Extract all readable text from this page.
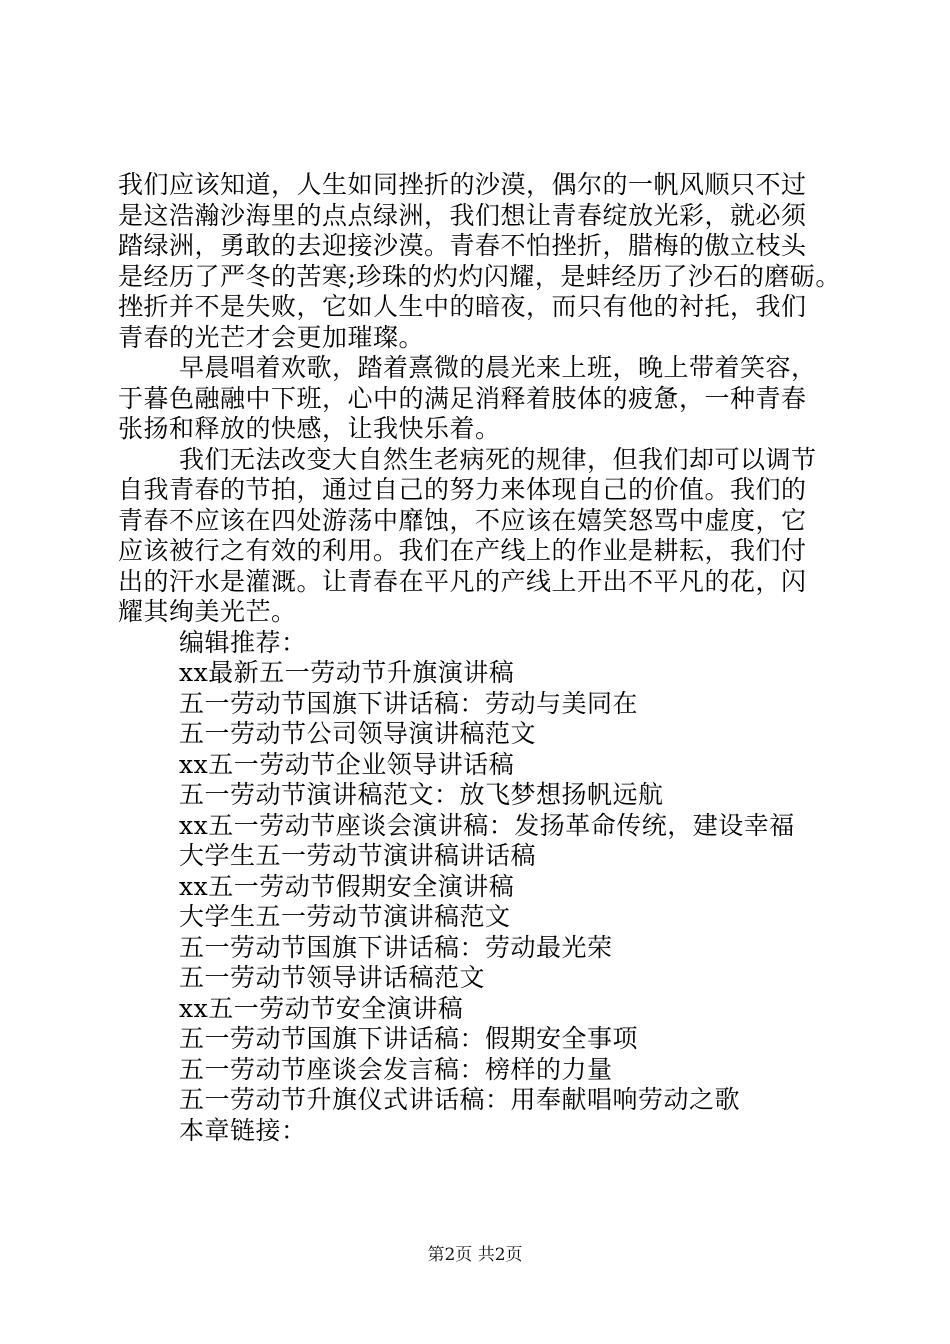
我们应该知道，人生如同挫折的沙漠，偶尔的一帆风顺只不过
是这浩瀚沙海里的点点绿洲，我们想让青春绽放光彩，就必须
踏绿洲，勇敢的去迎接沙漠。青春不怕挫折，腊梅的傲立枝头
是经历了严冬的苦寒;珍珠的灼灼闪耀，是蚌经历了沙石的磨砺。
挫折并不是失败，它如人生中的暗夜，而只有他的衬托，我们
青春的光芒才会更加璀璨。
早晨唱着欢歌，踏着熹微的晨光来上班，晚上带着笑容，
于暮色融融中下班，心中的满足消释着肢体的疲惫，一种青春
张扬和释放的快感，让我快乐着。
我们无法改变大自然生老病死的规律，但我们却可以调节
自我青春的节拍，通过自己的努力来体现自己的价值。我们的
青春不应该在四处游荡中靡蚀，不应该在嬉笑怒骂中虚度，它
应该被行之有效的利用。我们在产线上的作业是耕耘，我们付
出的汗水是灌溉。让青春在平凡的产线上开出不平凡的花，闪
耀其绚美光芒。
编辑推荐：
xx最新五一劳动节升旗演讲稿
五一劳动节国旗下讲话稿：劳动与美同在
五一劳动节公司领导演讲稿范文
xx五一劳动节企业领导讲话稿
五一劳动节演讲稿范文：放飞梦想扬帆远航
xx五一劳动节座谈会演讲稿：发扬革命传统，建设幸福
大学生五一劳动节演讲稿讲话稿
xx五一劳动节假期安全演讲稿
大学生五一劳动节演讲稿范文
五一劳动节国旗下讲话稿：劳动最光荣
五一劳动节领导讲话稿范文
xx五一劳动节安全演讲稿
五一劳动节国旗下讲话稿：假期安全事项
五一劳动节座谈会发言稿：榜样的力量
五一劳动节升旗仪式讲话稿：用奉献唱响劳动之歌
本章链接：
第2页 共2页
